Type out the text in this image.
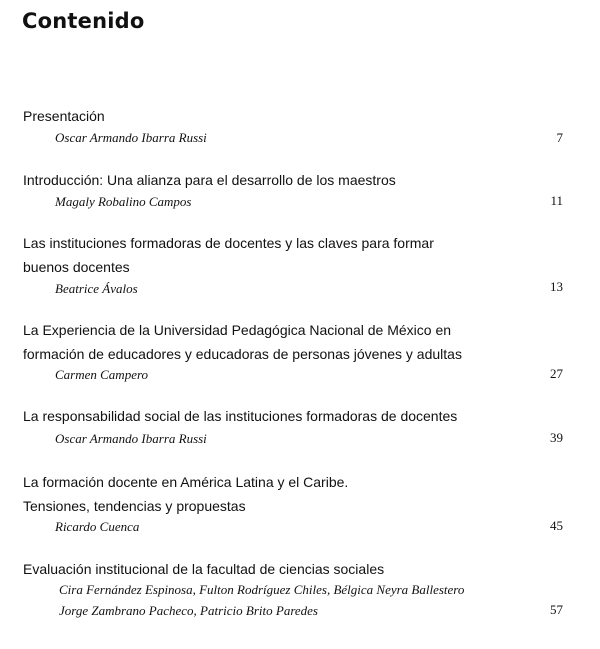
Contenido
Presentación
Oscar Armando Ibarra Russi	7
Introducción: Una alianza para el desarrollo de los maestros
Magaly Robalino Campos	11
Las instituciones formadoras de docentes y las claves para formar
buenos docentes
Beatrice Ávalos	13
La Experiencia de la Universidad Pedagógica Nacional de México en
formación de educadores y educadoras de personas jóvenes y adultas
Carmen Campero	27
La responsabilidad social de las instituciones formadoras de docentes
Oscar Armando Ibarra Russi	39
La formación docente en América Latina y el Caribe.
Tensiones, tendencias y propuestas
Ricardo Cuenca	45
Evaluación institucional de la facultad de ciencias sociales
Cira Fernández Espinosa, Fulton Rodríguez Chiles, Bélgica Neyra Ballestero
Jorge Zambrano Pacheco, Patricio Brito Paredes	57
